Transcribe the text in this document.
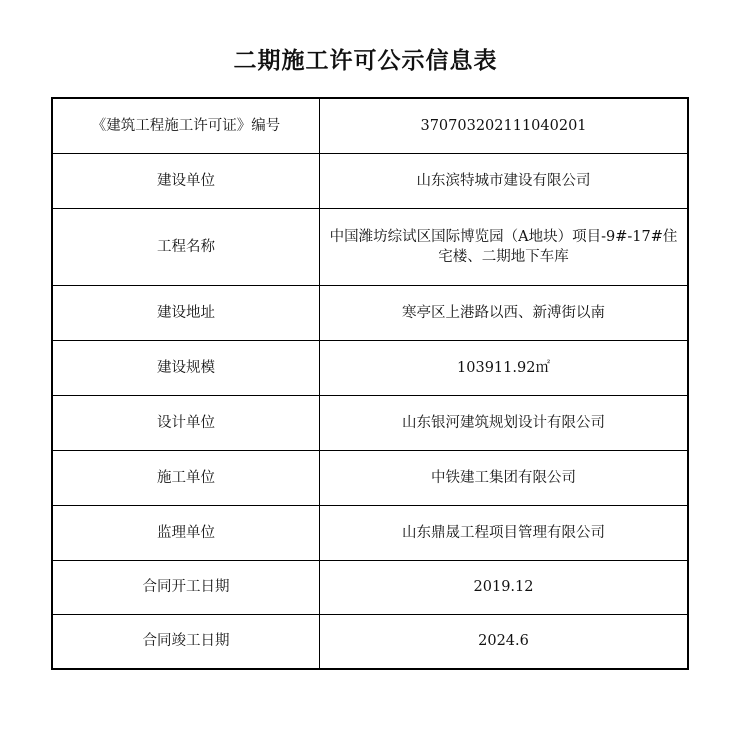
二期施工许可公示信息表
《建筑工程施工许可证》编号	370703202111040201
建设单位	山东滨特城市建设有限公司
工程名称	中国潍坊综试区国际博览园（A地块）项目-9#-17#住宅楼、二期地下车库
建设地址	寒亭区上港路以西、新溥街以南
建设规模	103911.92㎡
设计单位	山东银河建筑规划设计有限公司
施工单位	中铁建工集团有限公司
监理单位	山东鼎晟工程项目管理有限公司
合同开工日期	2019.12
合同竣工日期	2024.6
